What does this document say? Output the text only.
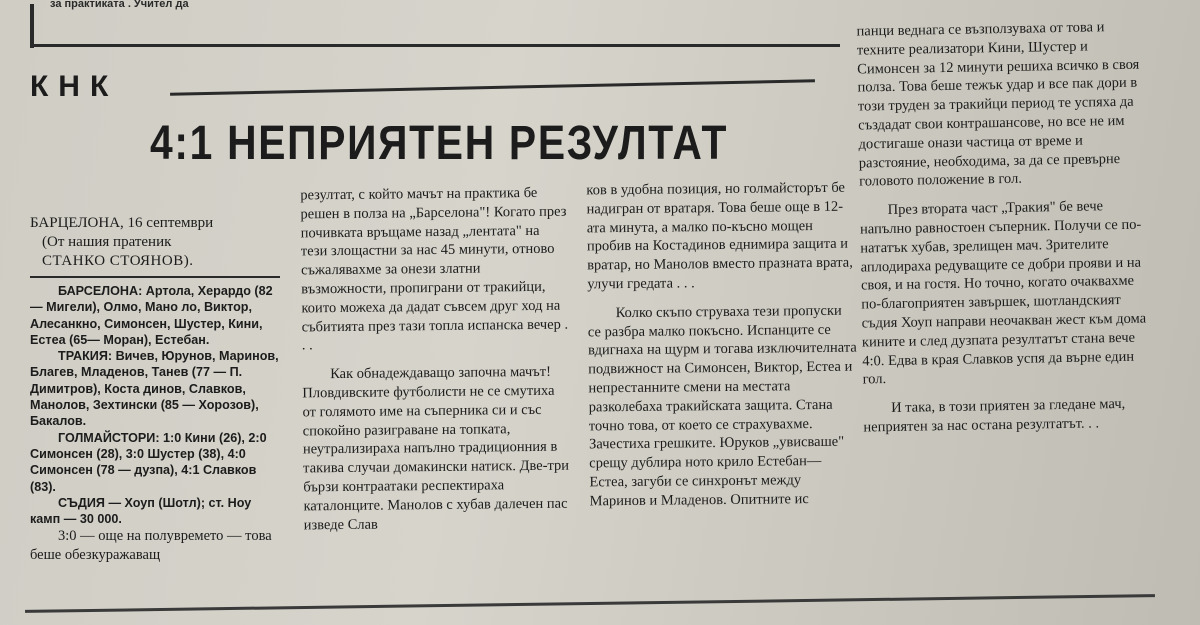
за практиката . Учител да
КНК
4:1 НЕПРИЯТЕН РЕЗУЛТАТ

БАРЦЕЛОНА, 16 септември

(От нашия пратеник

СТАНКО СТОЯНОВ).

БАРСЕЛОНА: Артола, Херардо (82 — Мигели), Олмо, Мано ло, Виктор, Алесанкно, Симонсен, Шустер, Кини, Естеа (65— Моран), Естебан.

ТРАКИЯ: Вичев, Юрунов, Маринов, Благев, Младенов, Танев (77 — П. Димитров), Коста динов, Славков, Манолов, Зехтински (85 — Хорозов), Бакалов.

ГОЛМАЙСТОРИ: 1:0 Кини (26), 2:0 Симонсен (28), 3:0 Шустер (38), 4:0 Симонсен (78 — дузпа), 4:1 Славков (83).

СЪДИЯ — Хоуп (Шотл); ст. Ноу камп — 30 000.

3:0 — още на полувремето — това беше обезкуражаващ

резултат, с който мачът на практика бе решен в полза на „Барселона"! Когато през почивката връщаме назад „лентата" на тези злощастни за нас 45 минути, отново съжалявахме за онези златни възможности, пропиграни от тракийци, които можеха да дадат съвсем друг ход на събитията през тази топла испанска вечер . . .

Как обнадеждаващо започна мачът! Пловдивските футболисти не се смутиха от голямото име на съперника си и със спокойно разиграване на топката, неутрализираха напълно традиционния в такива случаи домакински натиск. Две-три бързи контраатаки респектираха каталонците. Манолов с хубав далечен пас изведе Слав

ков в удобна позиция, но голмайсторът бе надигран от вратаря. Това беше още в 12-ата минута, а малко по-късно мощен пробив на Костадинов еднимира защита и вратар, но Манолов вместо празната врата, улучи гредата . . .

Колко скъпо струваха тези пропуски се разбра малко покъсно. Испанците се вдигнаха на щурм и тогава изключителната подвижност на Симонсен, Виктор, Естеа и непрестанните смени на местата разколебаха тракийската защита. Стана точно това, от което се страхувахме. Зачестиха грешките. Юруков „увисваше" срещу дублира ното крило Естебан—Естеа, загуби се синхронът между Маринов и Младенов. Опитните ис

панци веднага се възползуваха от това и техните реализатори Кини, Шустер и Симонсен за 12 минути решиха всичко в своя полза. Това беше тежък удар и все пак дори в този труден за тракийци период те успяха да създадат свои контрашансове, но все не им достигаше онази частица от време и разстояние, необходима, за да се превърне головото положение в гол.

През втората част „Тракия" бе вече напълно равностоен съперник. Получи се по-нататък хубав, зрелищен мач. Зрителите аплодираха редуващите се добри прояви и на своя, и на гостя. Но точно, когато очаквахме по-благоприятен завършек, шотландският съдия Хоуп направи неочакван жест към дома кините и след дузпата резултатът стана вече 4:0. Едва в края Славков успя да върне един гол.

И така, в този приятен за гледане мач, неприятен за нас остана резултатът. . .
